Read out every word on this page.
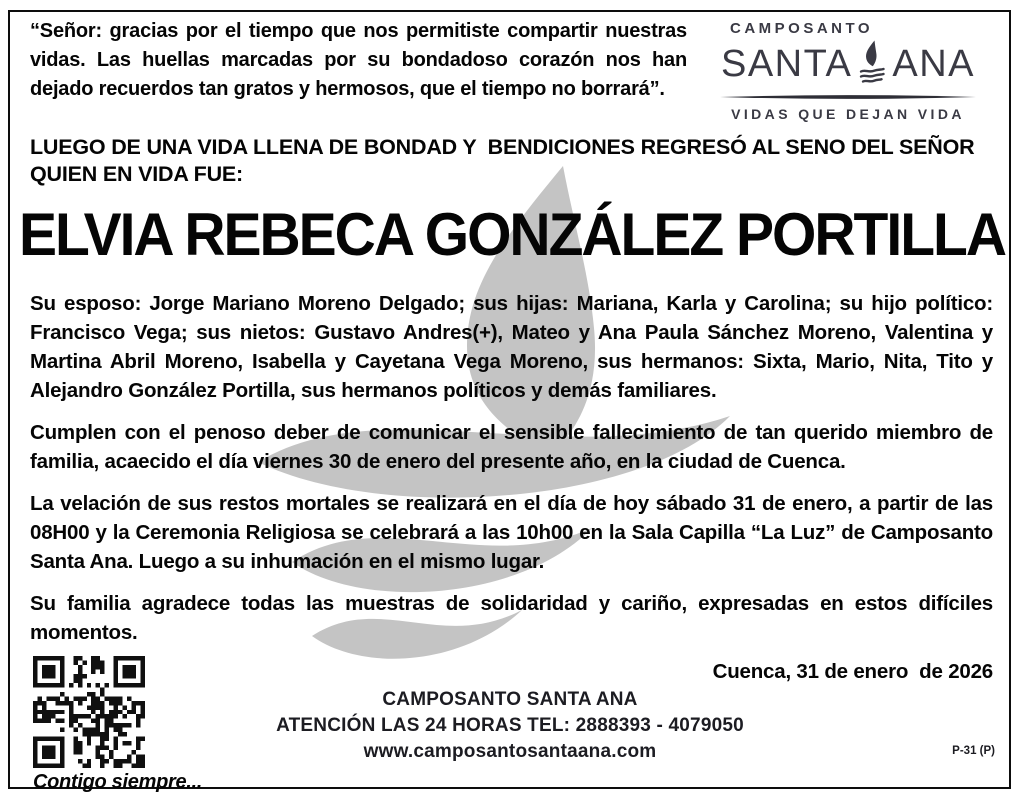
“Señor: gracias por el tiempo que nos permitiste compartir nuestras vidas. Las huellas marcadas por su bondadoso corazón nos han dejado recuerdos tan gratos y hermosos, que el tiempo no borrará”.
CAMPOSANTO
SANTA ANA
VIDAS QUE DEJAN VIDA
LUEGO DE UNA VIDA LLENA DE BONDAD Y  BENDICIONES REGRESÓ AL SENO DEL SEÑOR QUIEN EN VIDA FUE:
ELVIA REBECA GONZÁLEZ PORTILLA

Su esposo: Jorge Mariano Moreno Delgado; sus hijas: Mariana, Karla y Carolina; su hijo político: Francisco Vega; sus nietos: Gustavo Andres(+), Mateo y Ana Paula Sánchez Moreno, Valentina y Martina Abril Moreno, Isabella y Cayetana Vega Moreno, sus hermanos: Sixta, Mario, Nita, Tito y Alejandro González Portilla, sus hermanos políticos y demás familiares.

Cumplen con el penoso deber de comunicar el sensible fallecimiento de tan querido miembro de familia, acaecido el día viernes 30 de enero del presente año, en la ciudad de Cuenca.

La velación de sus restos mortales se realizará en el día de hoy sábado 31 de enero, a partir de las 08H00 y la Ceremonia Religiosa se celebrará a las 10h00 en la Sala Capilla “La Luz” de Camposanto Santa Ana. Luego a su inhumación en el mismo lugar.

Su familia agradece todas las muestras de solidaridad y cariño, expresadas en estos difíciles momentos.

Cuenca, 31 de enero  de 2026
Contigo siempre...
CAMPOSANTO SANTA ANA
ATENCIÓN LAS 24 HORAS TEL: 2888393 - 4079050
www.camposantosantaana.com	P-31 (P)
